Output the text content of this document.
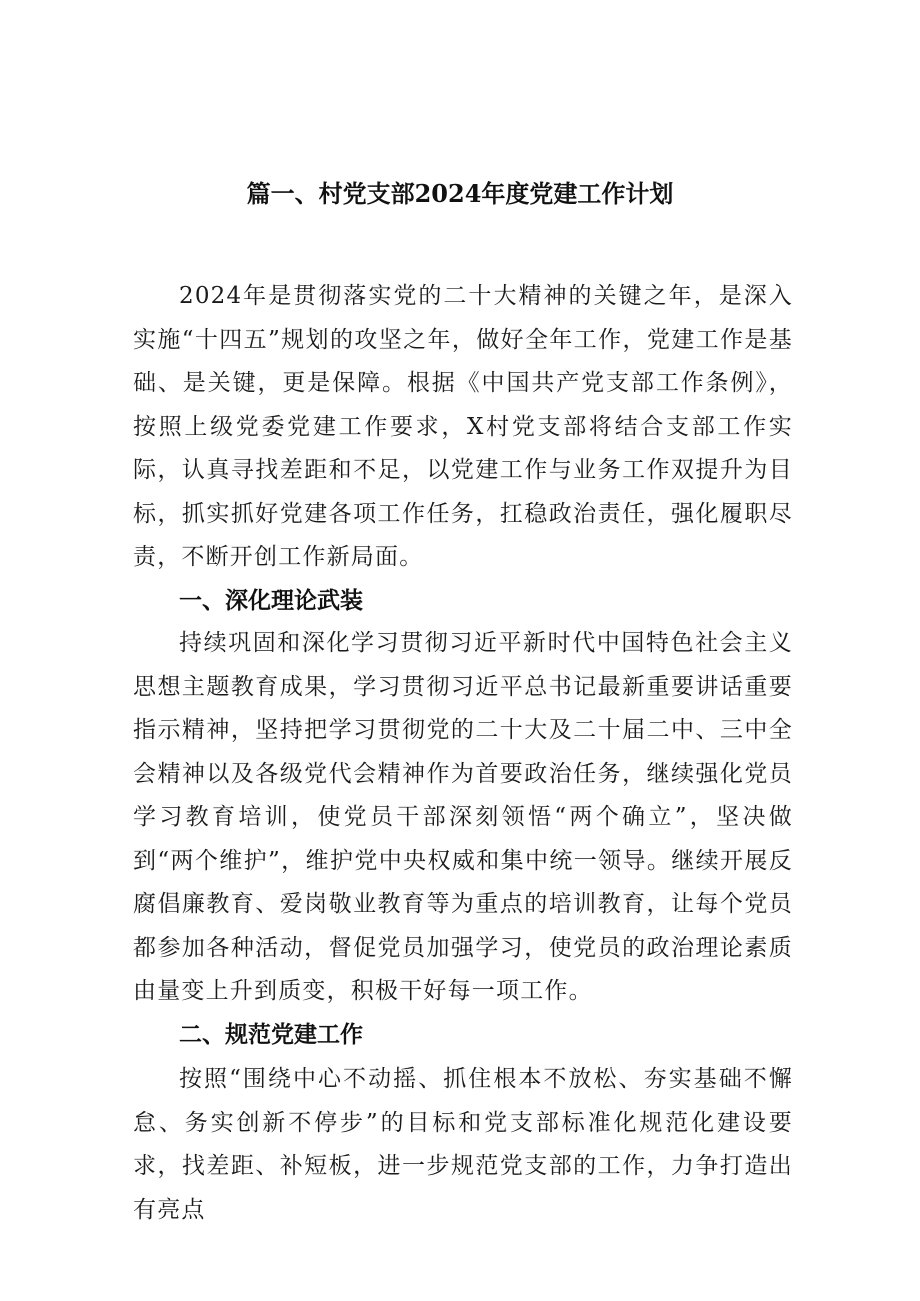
篇一、村党支部2024年度党建工作计划

2024年是贯彻落实党的二十大精神的关键之年，是深入实施“十四五”规划的攻坚之年，做好全年工作，党建工作是基础、是关键，更是保障。根据《中国共产党支部工作条例》，按照上级党委党建工作要求，X村党支部将结合支部工作实际，认真寻找差距和不足，以党建工作与业务工作双提升为目标，抓实抓好党建各项工作任务，扛稳政治责任，强化履职尽责，不断开创工作新局面。

一、深化理论武装

持续巩固和深化学习贯彻习近平新时代中国特色社会主义思想主题教育成果，学习贯彻习近平总书记最新重要讲话重要指示精神，坚持把学习贯彻党的二十大及二十届二中、三中全会精神以及各级党代会精神作为首要政治任务，继续强化党员学习教育培训，使党员干部深刻领悟“两个确立”，坚决做到“两个维护”，维护党中央权威和集中统一领导。继续开展反腐倡廉教育、爱岗敬业教育等为重点的培训教育，让每个党员都参加各种活动，督促党员加强学习，使党员的政治理论素质由量变上升到质变，积极干好每一项工作。

二、规范党建工作

按照“围绕中心不动摇、抓住根本不放松、夯实基础不懈怠、务实创新不停步”的目标和党支部标准化规范化建设要求，找差距、补短板，进一步规范党支部的工作，力争打造出有亮点
